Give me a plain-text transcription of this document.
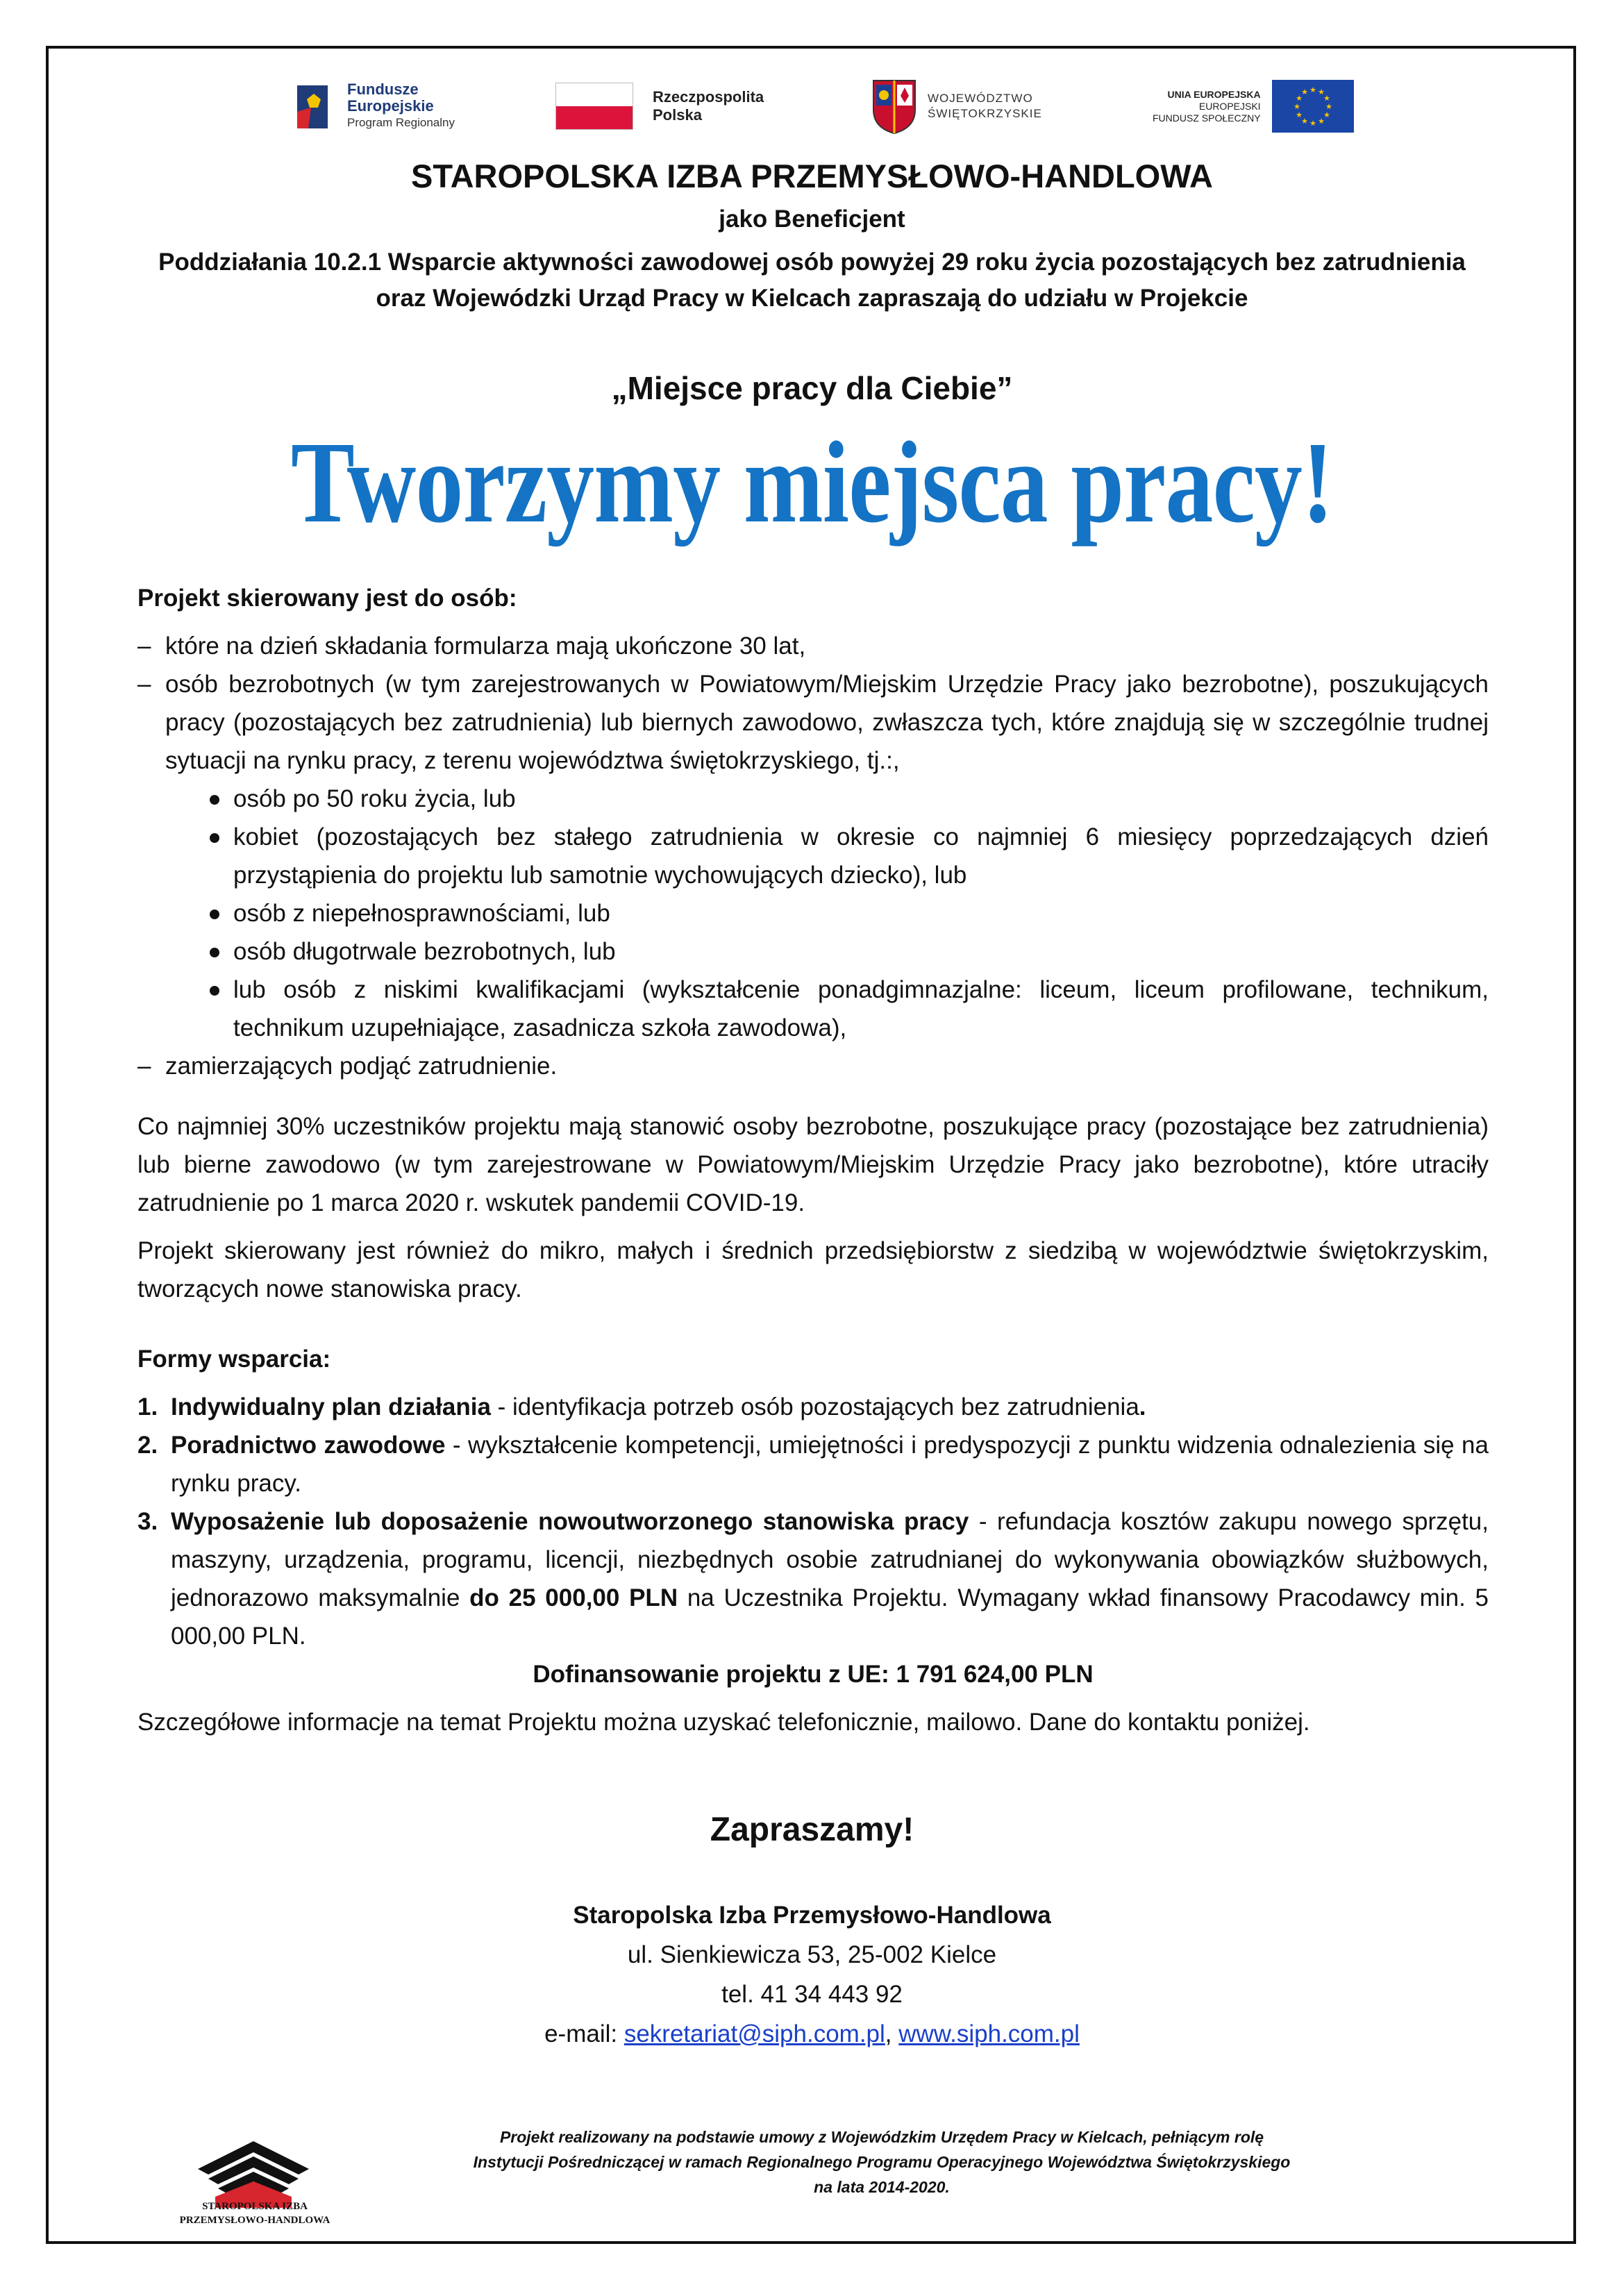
Fundusze
Europejskie
Program Regionalny
Rzeczpospolita
Polska
WOJEWÓDZTWO
ŚWIĘTOKRZYSKIE
UNIA EUROPEJSKA
EUROPEJSKI
FUNDUSZ SPOŁECZNY
★ ★
★
★
★
★
★
★
★
★
★
★
STAROPOLSKA IZBA PRZEMYSŁOWO-HANDLOWA
jako Beneficjent
Poddziałania 10.2.1 Wsparcie aktywności zawodowej osób powyżej 29 roku życia pozostających bez zatrudnienia oraz Wojewódzki Urząd Pracy w Kielcach zapraszają do udziału w Projekcie
„Miejsce pracy dla Ciebie”
Tworzymy miejsca pracy!
Projekt skierowany jest do osób:
– które na dzień składania formularza mają ukończone 30 lat,
– osób bezrobotnych (w tym zarejestrowanych w Powiatowym/Miejskim Urzędzie Pracy jako bezrobotne), poszukujących pracy (pozostających bez zatrudnienia) lub biernych zawodowo, zwłaszcza tych, które znajdują się w szczególnie trudnej sytuacji na rynku pracy, z terenu województwa świętokrzyskiego, tj.:,
osób po 50 roku życia, lub
kobiet (pozostających bez stałego zatrudnienia w okresie co najmniej 6 miesięcy poprzedzających dzień przystąpienia do projektu lub samotnie wychowujących dziecko), lub
osób z niepełnosprawnościami, lub
osób długotrwale bezrobotnych, lub
lub osób z niskimi kwalifikacjami (wykształcenie ponadgimnazjalne: liceum, liceum profilowane, technikum, technikum uzupełniające, zasadnicza szkoła zawodowa),
– zamierzających podjąć zatrudnienie.

Co najmniej 30% uczestników projektu mają stanowić osoby bezrobotne, poszukujące pracy (pozostające bez zatrudnienia) lub bierne zawodowo (w tym zarejestrowane w Powiatowym/Miejskim Urzędzie Pracy jako bezrobotne), które utraciły zatrudnienie po 1 marca 2020 r. wskutek pandemii COVID-19.

Projekt skierowany jest również do mikro, małych i średnich przedsiębiorstw z siedzibą w województwie świętokrzyskim, tworzących nowe stanowiska pracy.

Formy wsparcia:
1. Indywidualny plan działania - identyfikacja potrzeb osób pozostających bez zatrudnienia.
2. Poradnictwo zawodowe - wykształcenie kompetencji, umiejętności i predyspozycji z punktu widzenia odnalezienia się na rynku pracy.
3. Wyposażenie lub doposażenie nowoutworzonego stanowiska pracy - refundacja kosztów zakupu nowego sprzętu, maszyny, urządzenia, programu, licencji, niezbędnych osobie zatrudnianej do wykonywania obowiązków służbowych, jednorazowo maksymalnie do 25 000,00 PLN na Uczestnika Projektu. Wymagany wkład finansowy Pracodawcy min. 5 000,00 PLN.
Dofinansowanie projektu z UE: 1 791 624,00 PLN

Szczegółowe informacje na temat Projektu można uzyskać telefonicznie, mailowo. Dane do kontaktu poniżej.

Zapraszamy!
Staropolska Izba Przemysłowo-Handlowa
ul. Sienkiewicza 53, 25-002 Kielce
tel. 41 34 443 92
e-mail: sekretariat@siph.com.pl, www.siph.com.pl
STAROPOLSKA IZBA
PRZEMYSŁOWO-HANDLOWA
Projekt realizowany na podstawie umowy z Wojewódzkim Urzędem Pracy w Kielcach, pełniącym rolę Instytucji Pośredniczącej w ramach Regionalnego Programu Operacyjnego Województwa Świętokrzyskiego na lata 2014-2020.
